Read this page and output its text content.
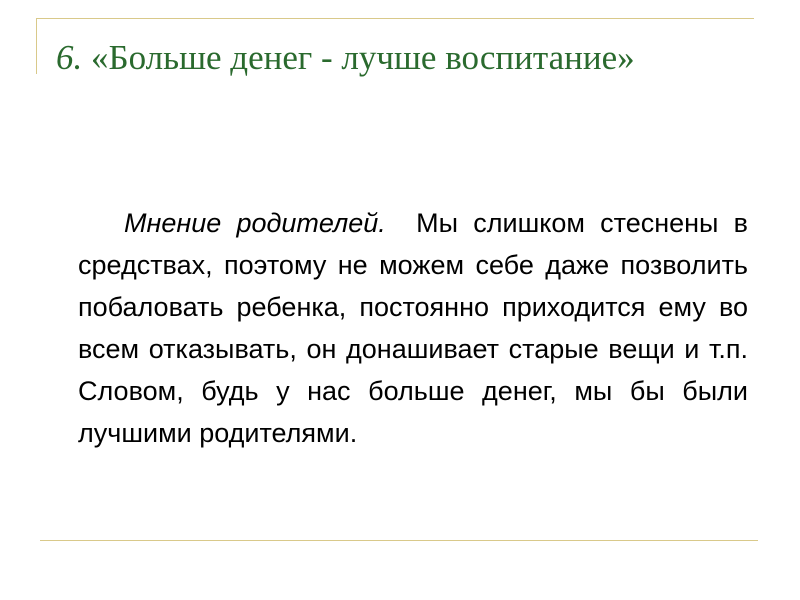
6. «Больше денег - лучше воспитание»

Мнение родителей. Мы слишком стеснены в средствах, поэтому не можем себе даже позволить побаловать ребенка, постоянно приходится ему во всем отказывать, он донашивает старые вещи и т.п. Словом, будь у нас больше денег, мы бы были лучшими родителями.
